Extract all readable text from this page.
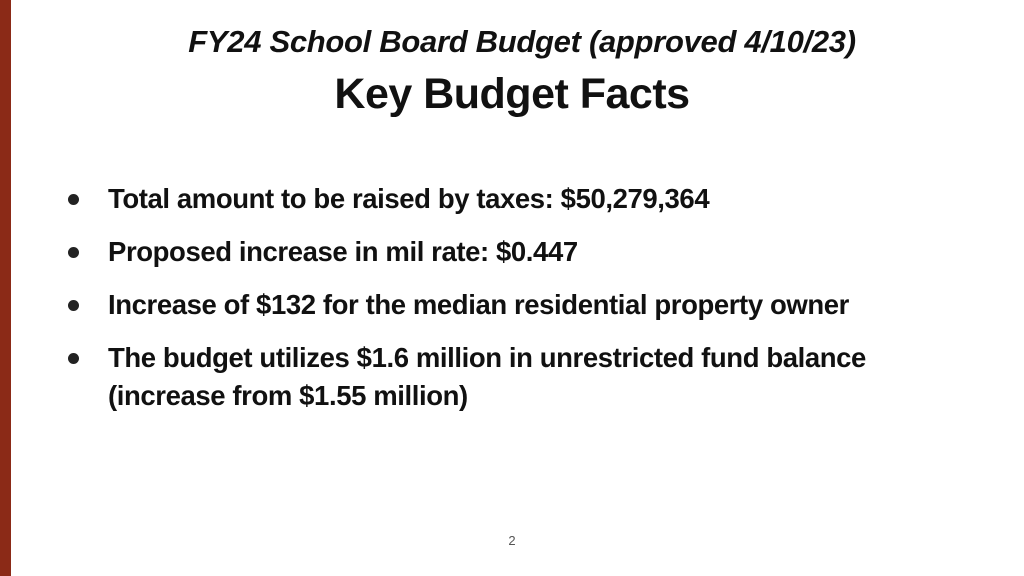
FY24 School Board Budget (approved 4/10/23)
Key Budget Facts
Total amount to be raised by taxes: $50,279,364
Proposed increase in mil rate: $0.447
Increase of $132 for the median residential property owner
The budget utilizes $1.6 million in unrestricted fund balance
(increase from $1.55 million)
2
